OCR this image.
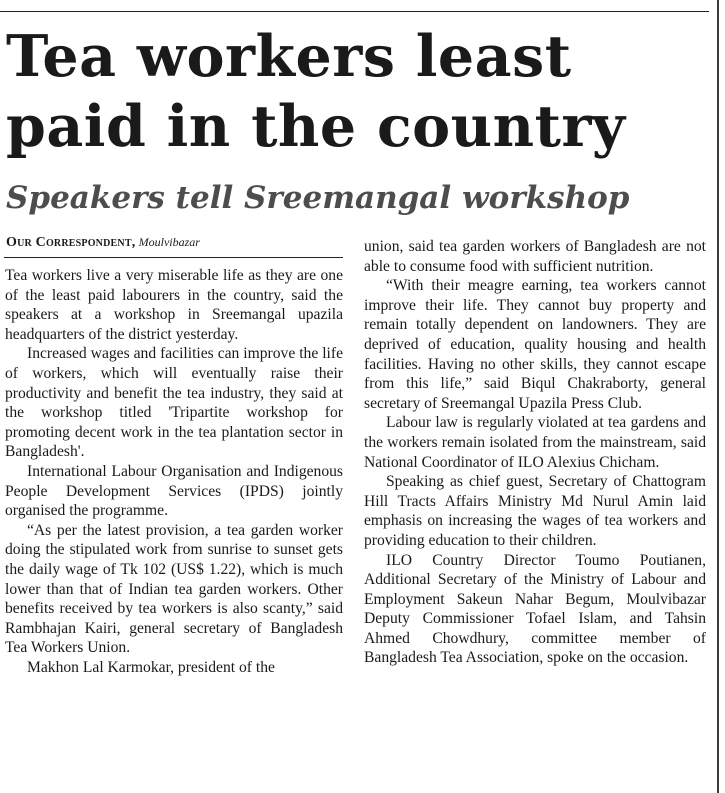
Tea workers least paid in the country
Speakers tell Sreemangal workshop
Our Correspondent, Moulvibazar

Tea workers live a very miserable life as they are one of the least paid labourers in the country, said the speakers at a workshop in Sreemangal upazila headquarters of the district yesterday.

Increased wages and facilities can improve the life of workers, which will eventually raise their productivity and benefit the tea industry, they said at the workshop titled 'Tripartite workshop for promoting decent work in the tea plantation sector in Bangladesh'.

International Labour Organisation and Indigenous People Development Services (IPDS) jointly organised the programme.

“As per the latest provision, a tea garden worker doing the stipulated work from sunrise to sunset gets the daily wage of Tk 102 (US$ 1.22), which is much lower than that of Indian tea garden workers. Other benefits received by tea workers is also scanty,” said Rambhajan Kairi, general secretary of Bangladesh Tea Workers Union.

Makhon Lal Karmokar, president of the

union, said tea garden workers of Bangladesh are not able to consume food with sufficient nutrition.

“With their meagre earning, tea workers cannot improve their life. They cannot buy property and remain totally dependent on landowners. They are deprived of education, quality housing and health facilities. Having no other skills, they cannot escape from this life,” said Biqul Chakraborty, general secretary of Sreemangal Upazila Press Club.

Labour law is regularly violated at tea gardens and the workers remain isolated from the mainstream, said National Coordinator of ILO Alexius Chicham.

Speaking as chief guest, Secretary of Chattogram Hill Tracts Affairs Ministry Md Nurul Amin laid emphasis on increasing the wages of tea workers and providing education to their children.

ILO Country Director Toumo Poutianen, Additional Secretary of the Ministry of Labour and Employment Sakeun Nahar Begum, Moulvibazar Deputy Commissioner Tofael Islam, and Tahsin Ahmed Chowdhury, committee member of Bangladesh Tea Association, spoke on the occasion.
